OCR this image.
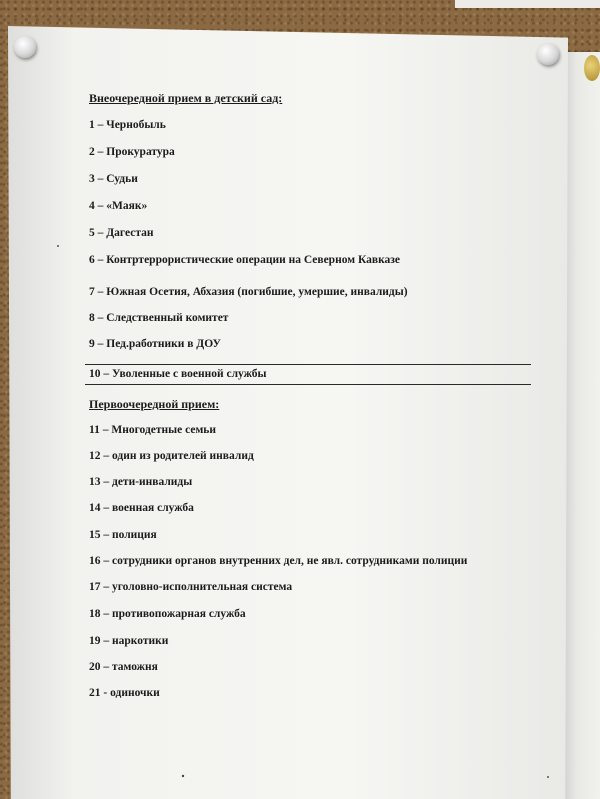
Внеочередной прием в детский сад:
1 – Чернобыль
2 – Прокуратура
3 – Судьи
4 – «Маяк»
5 – Дагестан
6 – Контртеррористические операции на Северном Кавказе
7 – Южная Осетия, Абхазия (погибшие, умершие, инвалиды)
8 – Следственный комитет
9 – Пед.работники в ДОУ
10 – Уволенные с военной службы
Первоочередной прием:
11 – Многодетные семьи
12 – один из родителей инвалид
13 – дети-инвалиды
14 – военная служба
15 – полиция
16 – сотрудники органов внутренних дел, не явл. сотрудниками полиции
17 – уголовно-исполнительная система
18 – противопожарная служба
19 – наркотики
20 – таможня
21 - одиночки
